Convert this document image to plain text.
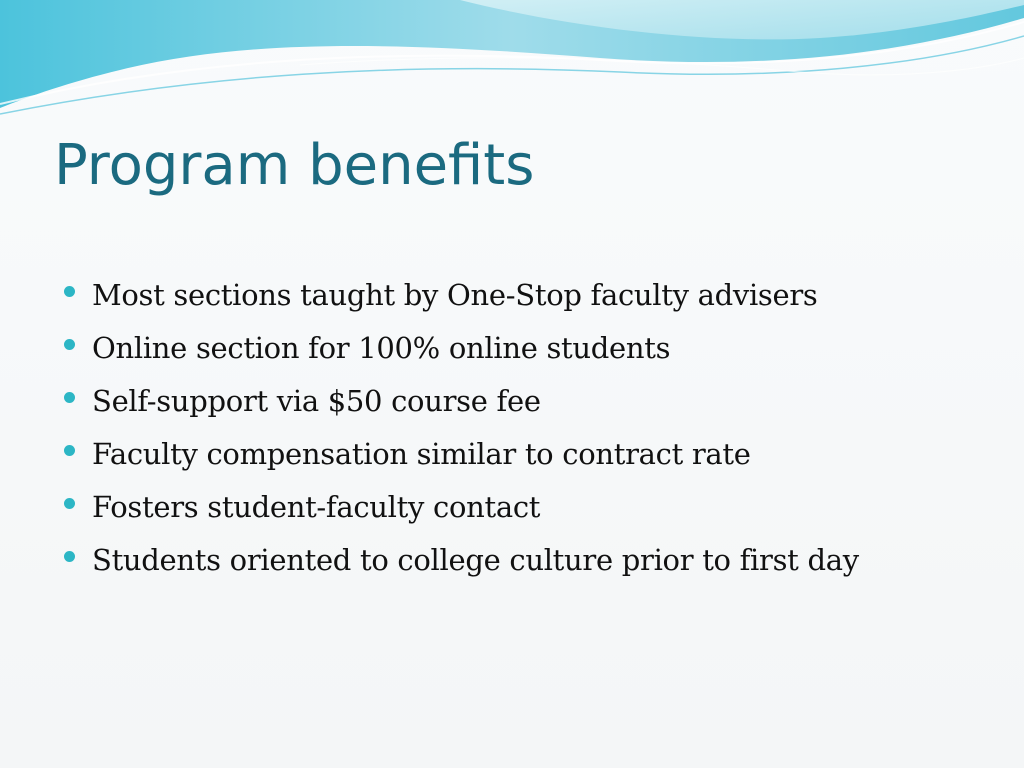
Program benefits
Most sections taught by One-Stop faculty advisers
Online section for 100% online students
Self-support via $50 course fee
Faculty compensation similar to contract rate
Fosters student-faculty contact
Students oriented to college culture prior to first day
